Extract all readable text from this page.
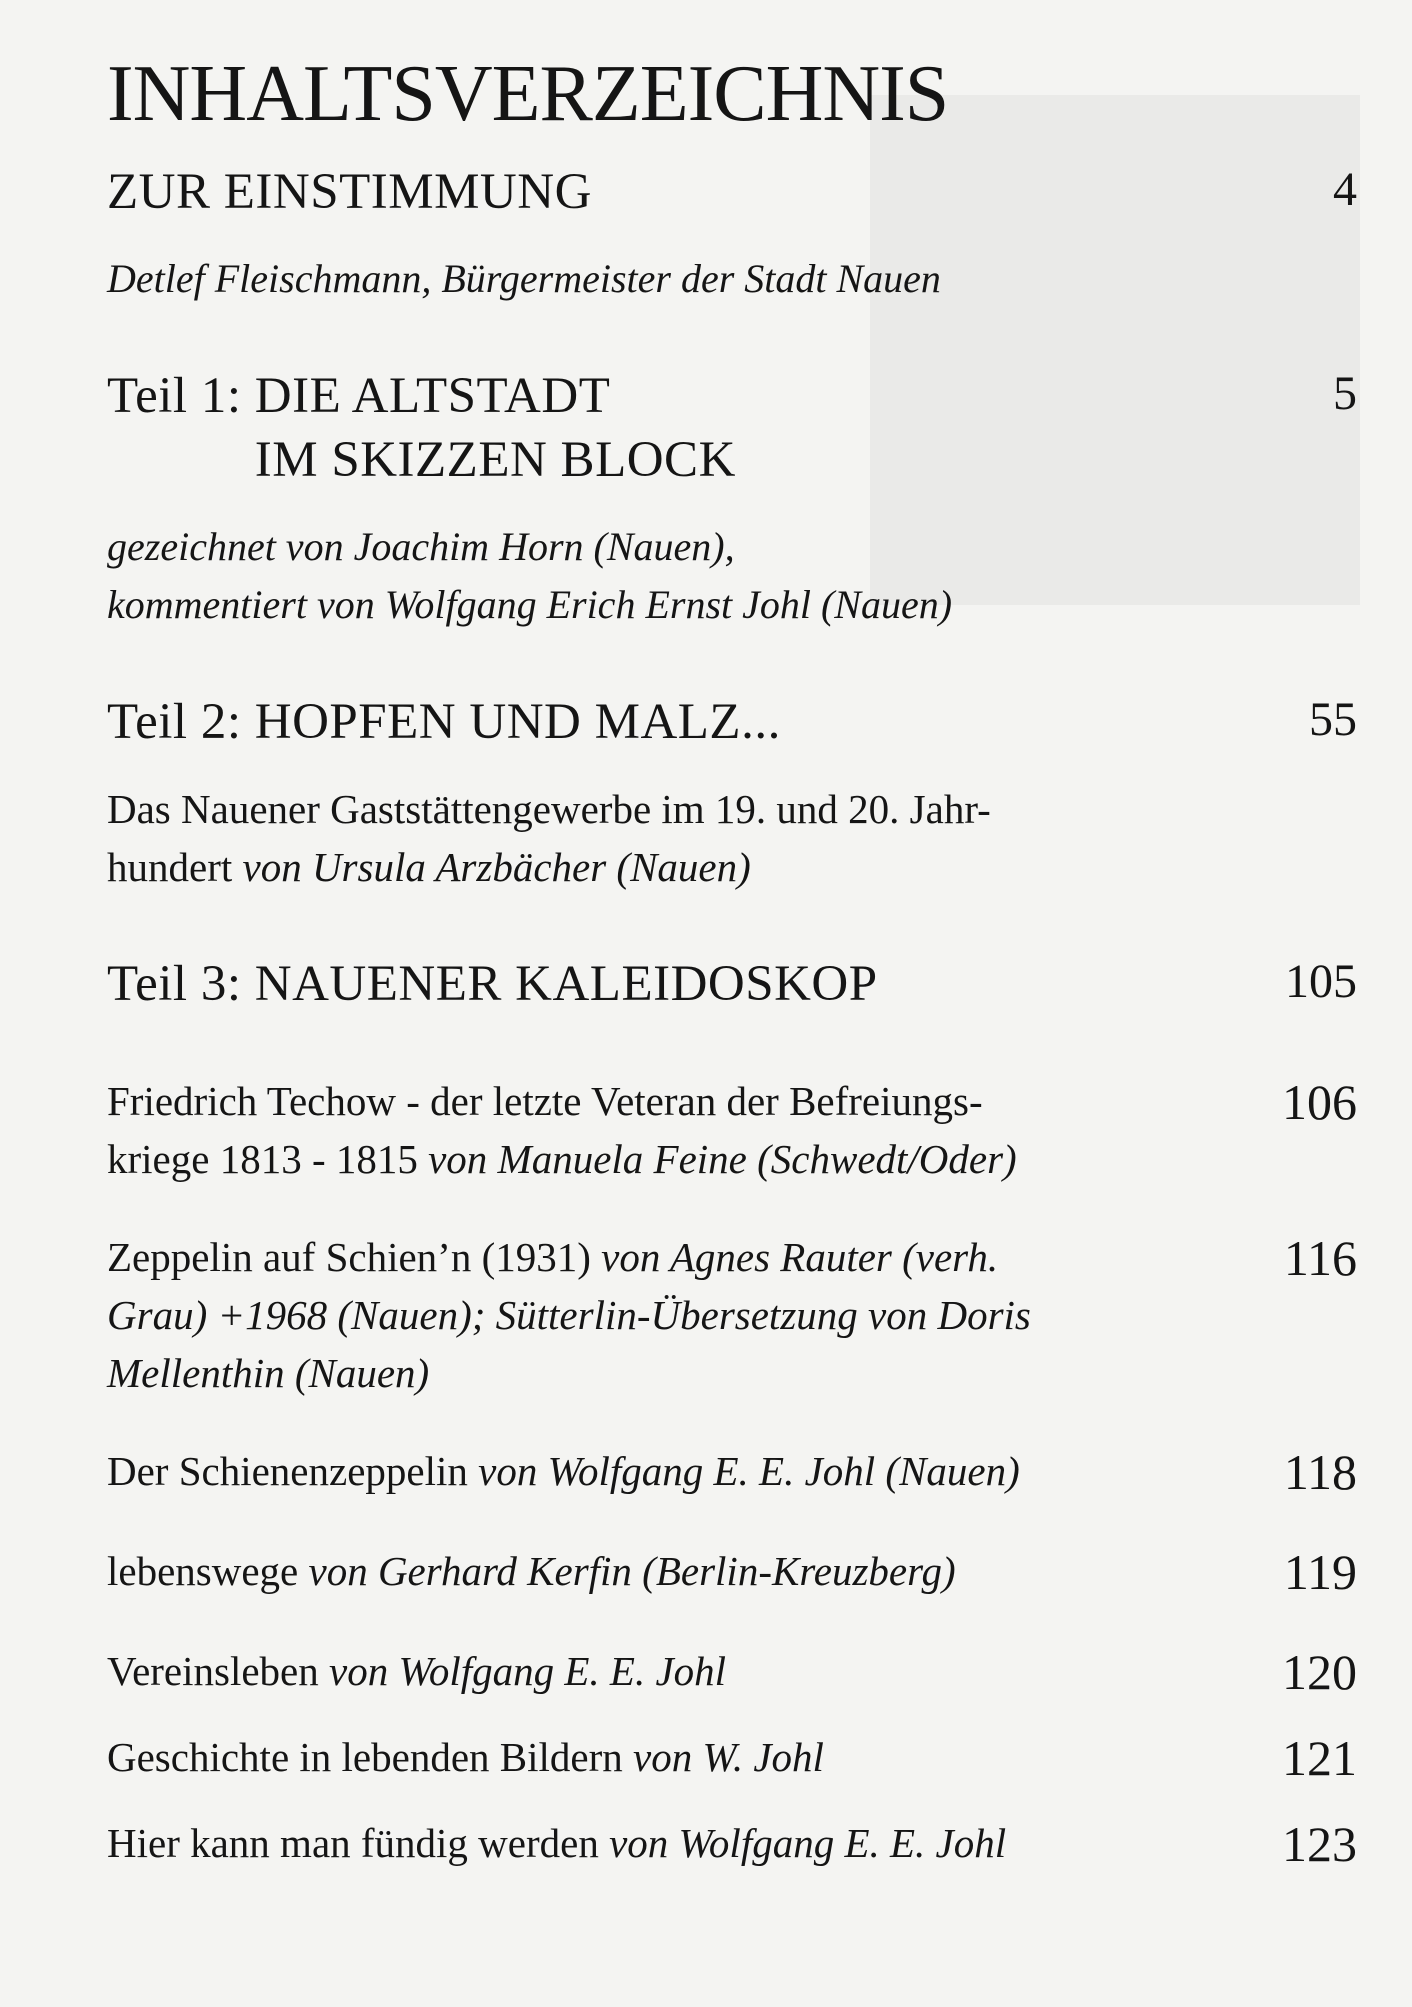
INHALTSVERZEICHNIS
ZUR EINSTIMMUNG
Detlef Fleischmann, Bürgermeister der Stadt Nauen
4
Teil 1: DIE ALTSTADT
IM SKIZZEN BLOCK
gezeichnet von Joachim Horn (Nauen),
kommentiert von Wolfgang Erich Ernst Johl (Nauen)
5
Teil 2: HOPFEN UND MALZ...
Das Nauener Gaststättengewerbe im 19. und 20. Jahr-
hundert von Ursula Arzbächer (Nauen)
55
Teil 3: NAUENER KALEIDOSKOP	105
Friedrich Techow - der letzte Veteran der Befreiungs-
kriege 1813 - 1815 von Manuela Feine (Schwedt/Oder)
106
Zeppelin auf Schien’n (1931) von Agnes Rauter (verh.
Grau) +1968 (Nauen); Sütterlin-Übersetzung von Doris
Mellenthin (Nauen)
116
Der Schienenzeppelin von Wolfgang E. E. Johl (Nauen)	118
lebenswege von Gerhard Kerfin (Berlin-Kreuzberg)	119
Vereinsleben von Wolfgang E. E. Johl	120
Geschichte in lebenden Bildern von W. Johl	121
Hier kann man fündig werden von Wolfgang E. E. Johl	123
